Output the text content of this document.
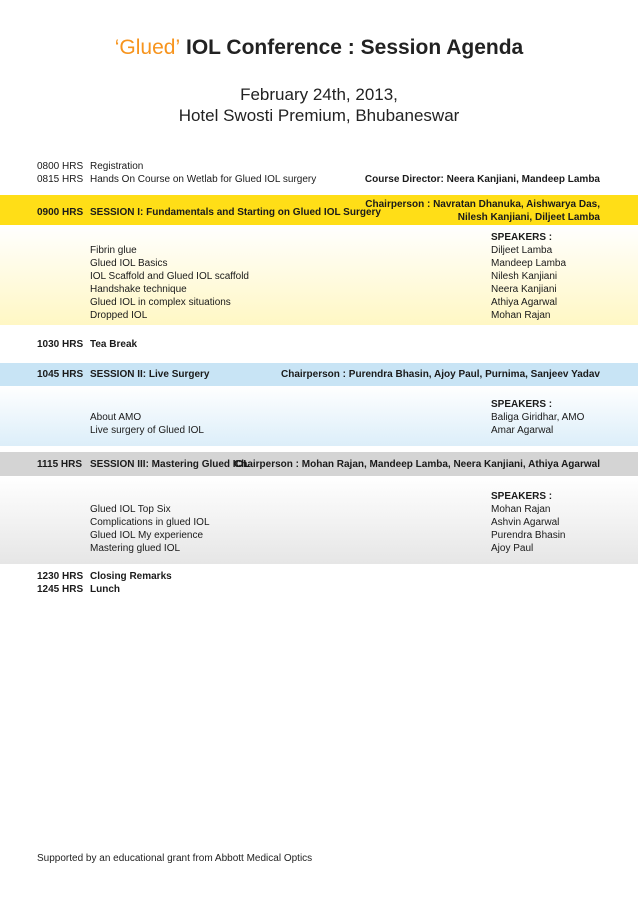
‘Glued’ IOL Conference : Session Agenda
February 24th, 2013,
Hotel Swosti Premium, Bhubaneswar
0800 HRS Registration
0815 HRS Hands On Course on Wetlab for Glued IOL surgery	Course Director: Neera Kanjiani, Mandeep Lamba
0900 HRS SESSION I: Fundamentals and Starting on Glued IOL Surgery
Chairperson : Navratan Dhanuka, Aishwarya Das,
Nilesh Kanjiani, Diljeet Lamba
SPEAKERS :
Fibrin glue
Glued IOL Basics
IOL Scaffold and Glued IOL scaffold
Handshake technique
Glued IOL in complex situations
Dropped IOL
Diljeet Lamba
Mandeep Lamba
Nilesh Kanjiani
Neera Kanjiani
Athiya Agarwal
Mohan Rajan
1030 HRS Tea Break
1045 HRS SESSION II: Live Surgery	Chairperson : Purendra Bhasin, Ajoy Paul, Purnima, Sanjeev Yadav
SPEAKERS :
About AMO
Live surgery of Glued IOL
Baliga Giridhar, AMO
Amar Agarwal
1115 HRS SESSION III: Mastering Glued IOL
Chairperson : Mohan Rajan, Mandeep Lamba, Neera Kanjiani, Athiya Agarwal
SPEAKERS :
Glued IOL Top Six
Complications in glued IOL
Glued IOL My experience
Mastering glued IOL
Mohan Rajan
Ashvin Agarwal
Purendra Bhasin
Ajoy Paul
1230 HRS Closing Remarks
1245 HRS Lunch
Supported by an educational grant from Abbott Medical Optics
